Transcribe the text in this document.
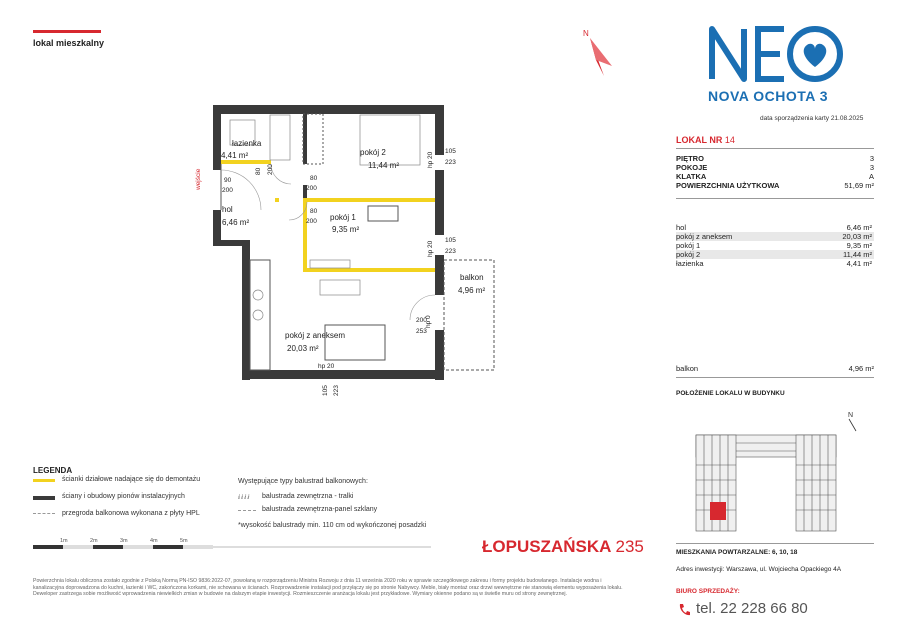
lokal mieszkalny
N
NOVA OCHOTA 3
data sporządzenia karty 21.08.2025
LOKAL NR 14
PIĘTRO	3
POKOJE	3
KLATKA	A
POWIERZCHNIA UŻYTKOWA	51,69 m²
hol	6,46 m²
pokój z aneksem	20,03 m²
pokój 1	9,35 m²
pokój 2	11,44 m²
łazienka	4,41 m²
balkon	4,96 m²
POŁOŻENIE LOKALU W BUDYNKU
N
MIESZKANIA POWTARZALNE: 6, 10, 18
Adres inwestycji: Warszawa, ul. Wojciecha Opackiego 4A
BIURO SPRZEDAŻY:
tel. 22 228 66 80
łazienka
4,41 m²	pokój 2
11,44 m²
hol
6,46 m²
pokój 1
9,35 m²
balkon
4,96 m²
pokój z aneksem
20,03 m²
wejście	80 200
90
200
80
200
80
200
105
223
hp 20
105
223
hp 20
200
253
hp 0
hp 20
105 223
LEGENDA
ścianki działowe nadające się do demontażu
ściany i obudowy pionów instalacyjnych
przegroda balkonowa wykonana z płyty HPL
Występujące typy balustrad balkonowych:
ⅈⅈⅈⅈ balustrada zewnętrzna - tralki
balustrada zewnętrzna-panel szklany
*wysokość balustrady min. 110 cm od wykończonej posadzki
1m	2m	3m	4m	5m	ŁOPUSZAŃSKA 235
Powierzchnia lokalu obliczona zostało zgodnie z Polską Normą PN-ISO 9836:2022-07, powołaną w rozporządzeniu Ministra Rozwoju z dnia 11 września 2020 roku w sprawie szczegółowego zakresu i formy projektu budowlanego. Instalacje wodna i kanalizacyjna doprowadzona do kuchni, łazienki i WC, zakończona korkami, nie schowana w ścianach. Rozprowadzenie instalacji pod przyłączy się po stronie Nabywcy. Meble, biały montaż oraz drzwi wewnętrzne nie stanowią elementu wyposażenia lokalu. Deweloper zastrzega sobie możliwość wprowadzenia niewielkich zmian w budowie na dalszym etapie inwestycji. Rozmieszczenie aranżacja lokalu jest przykładowe. Wymiary okienne podano są w świetle muru od strony zewnętrznej.
